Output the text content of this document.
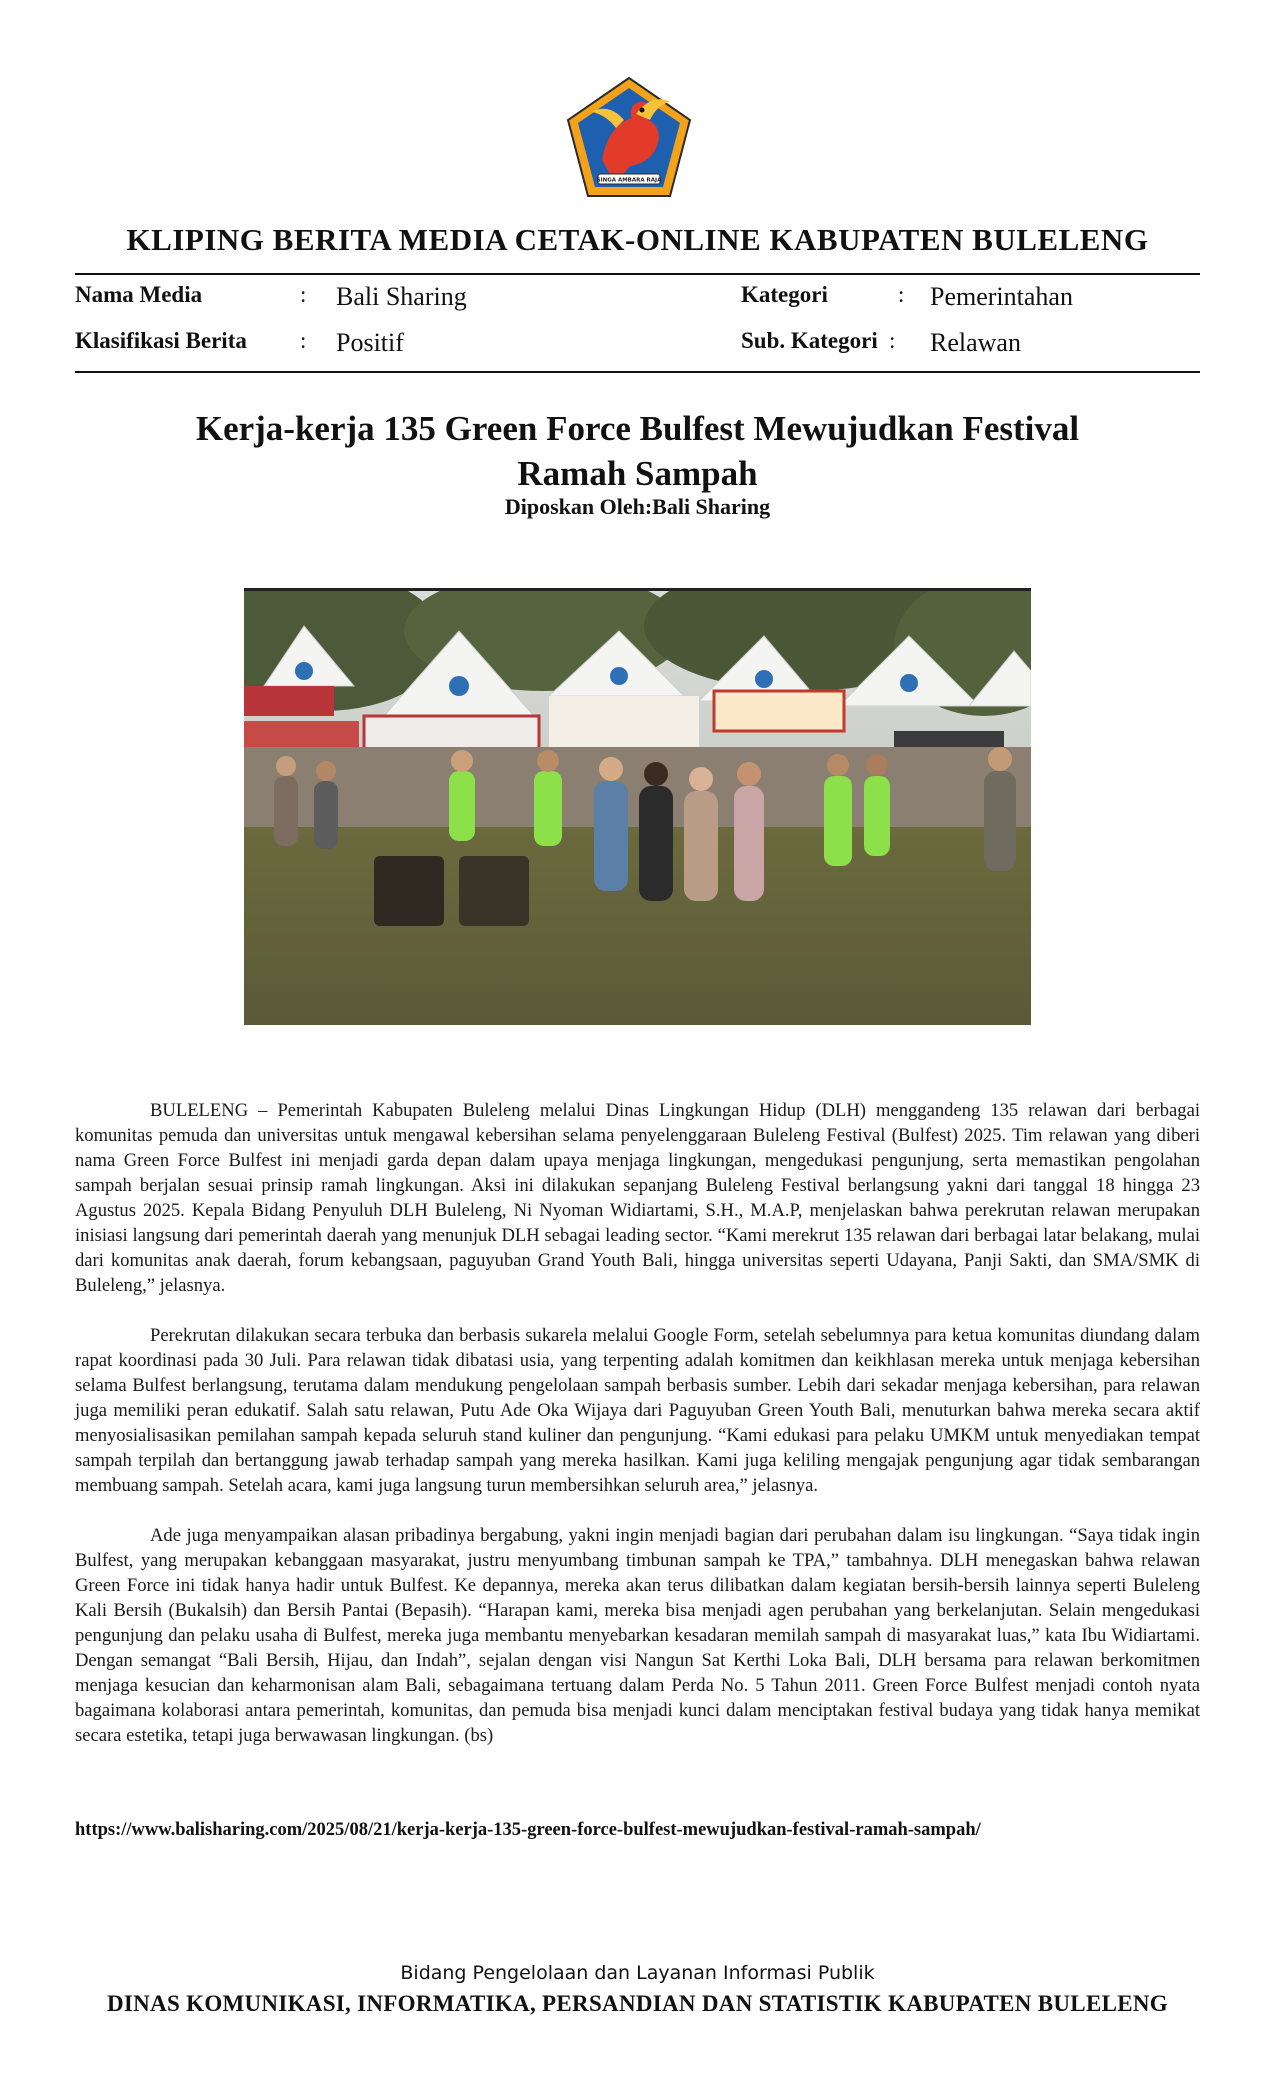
SINGA AMBARA RAJA
KLIPING BERITA MEDIA CETAK-ONLINE KABUPATEN BULELENG
Nama Media	: Bali Sharing	Kategori	: Pemerintahan
Klasifikasi Berita : Positif	Sub. Kategori : Relawan
Kerja-kerja 135 Green Force Bulfest Mewujudkan Festival Ramah Sampah
Diposkan Oleh:Bali Sharing

BULELENG – Pemerintah Kabupaten Buleleng melalui Dinas Lingkungan Hidup (DLH) menggandeng 135 relawan dari berbagai komunitas pemuda dan universitas untuk mengawal kebersihan selama penyelenggaraan Buleleng Festival (Bulfest) 2025. Tim relawan yang diberi nama Green Force Bulfest ini menjadi garda depan dalam upaya menjaga lingkungan, mengedukasi pengunjung, serta memastikan pengolahan sampah berjalan sesuai prinsip ramah lingkungan. Aksi ini dilakukan sepanjang Buleleng Festival berlangsung yakni dari tanggal 18 hingga 23 Agustus 2025. Kepala Bidang Penyuluh DLH Buleleng, Ni Nyoman Widiartami, S.H., M.A.P, menjelaskan bahwa perekrutan relawan merupakan inisiasi langsung dari pemerintah daerah yang menunjuk DLH sebagai leading sector. “Kami merekrut 135 relawan dari berbagai latar belakang, mulai dari komunitas anak daerah, forum kebangsaan, paguyuban Grand Youth Bali, hingga universitas seperti Udayana, Panji Sakti, dan SMA/SMK di Buleleng,” jelasnya.

Perekrutan dilakukan secara terbuka dan berbasis sukarela melalui Google Form, setelah sebelumnya para ketua komunitas diundang dalam rapat koordinasi pada 30 Juli. Para relawan tidak dibatasi usia, yang terpenting adalah komitmen dan keikhlasan mereka untuk menjaga kebersihan selama Bulfest berlangsung, terutama dalam mendukung pengelolaan sampah berbasis sumber. Lebih dari sekadar menjaga kebersihan, para relawan juga memiliki peran edukatif. Salah satu relawan, Putu Ade Oka Wijaya dari Paguyuban Green Youth Bali, menuturkan bahwa mereka secara aktif menyosialisasikan pemilahan sampah kepada seluruh stand kuliner dan pengunjung. “Kami edukasi para pelaku UMKM untuk menyediakan tempat sampah terpilah dan bertanggung jawab terhadap sampah yang mereka hasilkan. Kami juga keliling mengajak pengunjung agar tidak sembarangan membuang sampah. Setelah acara, kami juga langsung turun membersihkan seluruh area,” jelasnya.

Ade juga menyampaikan alasan pribadinya bergabung, yakni ingin menjadi bagian dari perubahan dalam isu lingkungan. “Saya tidak ingin Bulfest, yang merupakan kebanggaan masyarakat, justru menyumbang timbunan sampah ke TPA,” tambahnya. DLH menegaskan bahwa relawan Green Force ini tidak hanya hadir untuk Bulfest. Ke depannya, mereka akan terus dilibatkan dalam kegiatan bersih-bersih lainnya seperti Buleleng Kali Bersih (Bukalsih) dan Bersih Pantai (Bepasih). “Harapan kami, mereka bisa menjadi agen perubahan yang berkelanjutan. Selain mengedukasi pengunjung dan pelaku usaha di Bulfest, mereka juga membantu menyebarkan kesadaran memilah sampah di masyarakat luas,” kata Ibu Widiartami. Dengan semangat “Bali Bersih, Hijau, dan Indah”, sejalan dengan visi Nangun Sat Kerthi Loka Bali, DLH bersama para relawan berkomitmen menjaga kesucian dan keharmonisan alam Bali, sebagaimana tertuang dalam Perda No. 5 Tahun 2011. Green Force Bulfest menjadi contoh nyata bagaimana kolaborasi antara pemerintah, komunitas, dan pemuda bisa menjadi kunci dalam menciptakan festival budaya yang tidak hanya memikat secara estetika, tetapi juga berwawasan lingkungan. (bs)

https://www.balisharing.com/2025/08/21/kerja-kerja-135-green-force-bulfest-mewujudkan-festival-ramah-sampah/
Bidang Pengelolaan dan Layanan Informasi Publik
DINAS KOMUNIKASI, INFORMATIKA, PERSANDIAN DAN STATISTIK KABUPATEN BULELENG
